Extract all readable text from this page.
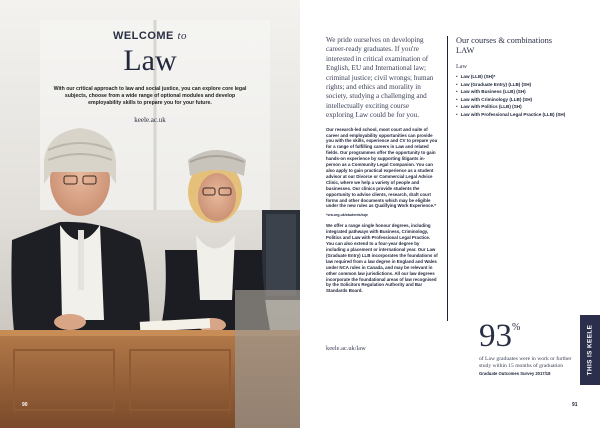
WELCOME to
Law
With our critical approach to law and social justice, you can explore core legal subjects, choose from a wide range of optional modules and develop employability skills to prepare you for your future.
keele.ac.uk
90
We pride ourselves on developing career-ready graduates. If you're interested in critical examination of English, EU and International law; criminal justice; civil wrongs; human rights; and ethics and morality in society, studying a challenging and intellectually exciting course exploring Law could be for you.
Our research-led school, moot court and suite of career and employability opportunities can provide you with the skills, experience and CV to prepare you for a range of fulfilling careers in Law and related fields. Our programmes offer the opportunity to gain hands-on experience by supporting litigants in-person as a Community Legal Companion. You can also apply to gain practical experience as a student advisor at our Divorce or Commercial Legal Advice Clinic, where we help a variety of people and businesses. Our clinics provide students the opportunity to advise clients, research, draft court forms and other documents which may be eligible under the new rules as Qualifying Work Experience.*
*sra.org.uk/students/sqe
We offer a range single honour degrees, including integrated pathways with Business, Criminology, Politics and Law with Professional Legal Practice. You can also extend to a four-year degree by including a placement or international year. Our Law (Graduate Entry) LLB incorporates the foundations of law required from a law degree in England and Wales under NCA rules in Canada, and may be relevant in other common law jurisdictions. All our law degrees incorporate the foundational areas of law recognised by the Solicitors Regulation Authority and Bar Standards Board.
keele.ac.uk/law
Our courses & combinations
LAW
Law
• Law (LLB) (SH)*
• Law (Graduate Entry) (LLB) (SH)
• Law with Business (LLB) (SH)
• Law with Criminology (LLB) (SH)
• Law with Politics (LLB) (SH)
• Law with Professional Legal Practice (LLB) (SH)
93%
of Law graduates were in work or further study within 15 months of graduation
Graduate Outcomes Survey 2017/18	THIS IS KEELE
91
